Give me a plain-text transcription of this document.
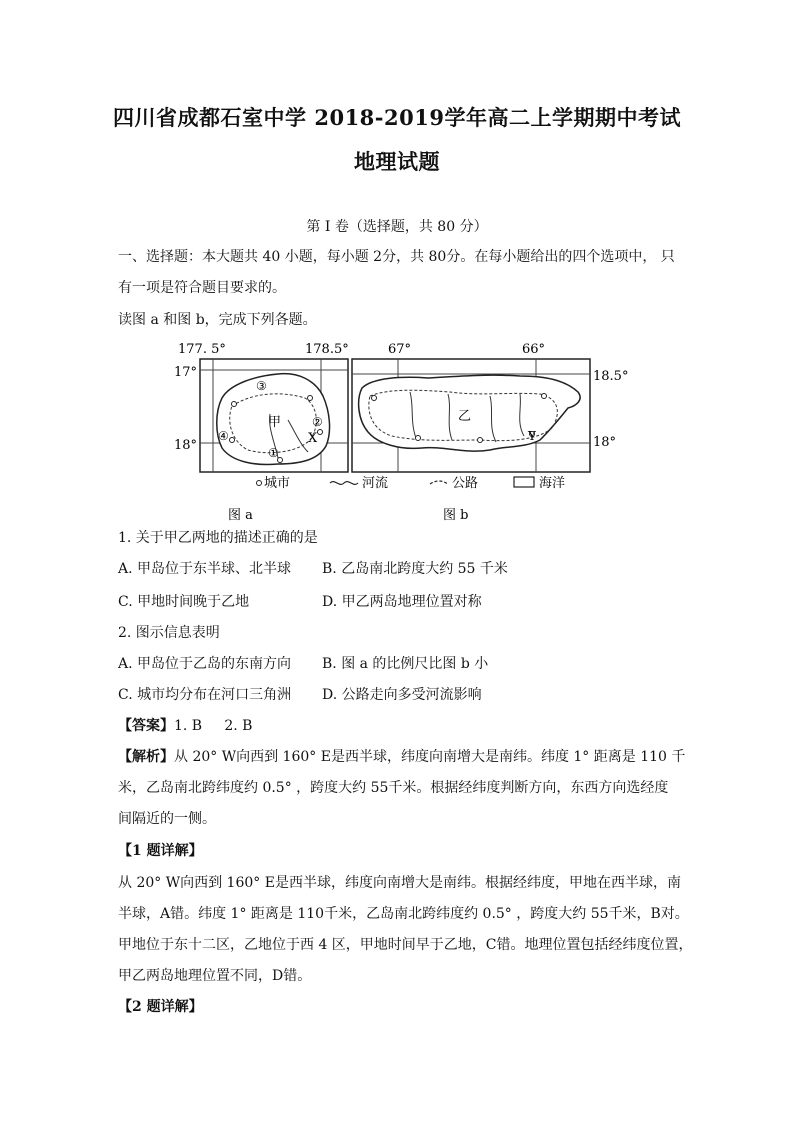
四川省成都石室中学 2018-2019学年高二上学期期中考试
地理试题
第 I 卷（选择题，共 80 分）
一、选择题：本大题共 40 小题，每小题 2分，共 80分。在每小题给出的四个选项中， 只
有一项是符合题目要求的。
读图 a 和图 b，完成下列各题。
177. 5°	178.5°
17°
18°
③
甲	②
X
④
①
67°	66°
18.5°
18°
乙
Y
城市	河流	公路	海洋
图 a	图 b
1. 关于甲乙两地的描述正确的是
A. 甲岛位于东半球、北半球 B. 乙岛南北跨度大约 55 千米
C. 甲地时间晚于乙地	D. 甲乙两岛地理位置对称
2. 图示信息表明
A. 甲岛位于乙岛的东南方向 B. 图 a 的比例尺比图 b 小
C. 城市均分布在河口三角洲 D. 公路走向多受河流影响
【答案】1. B     2. B
【解析】从 20° W向西到 160° E是西半球，纬度向南增大是南纬。纬度 1° 距离是 110 千
米，乙岛南北跨纬度约 0.5° ，跨度大约 55千米。根据经纬度判断方向，东西方向选经度
间隔近的一侧。
【1 题详解】
从 20° W向西到 160° E是西半球，纬度向南增大是南纬。根据经纬度，甲地在西半球，南
半球，A错。纬度 1° 距离是 110千米，乙岛南北跨纬度约 0.5° ，跨度大约 55千米，B对。
甲地位于东十二区，乙地位于西 4 区，甲地时间早于乙地，C错。地理位置包括经纬度位置，
甲乙两岛地理位置不同，D错。
【2 题详解】
